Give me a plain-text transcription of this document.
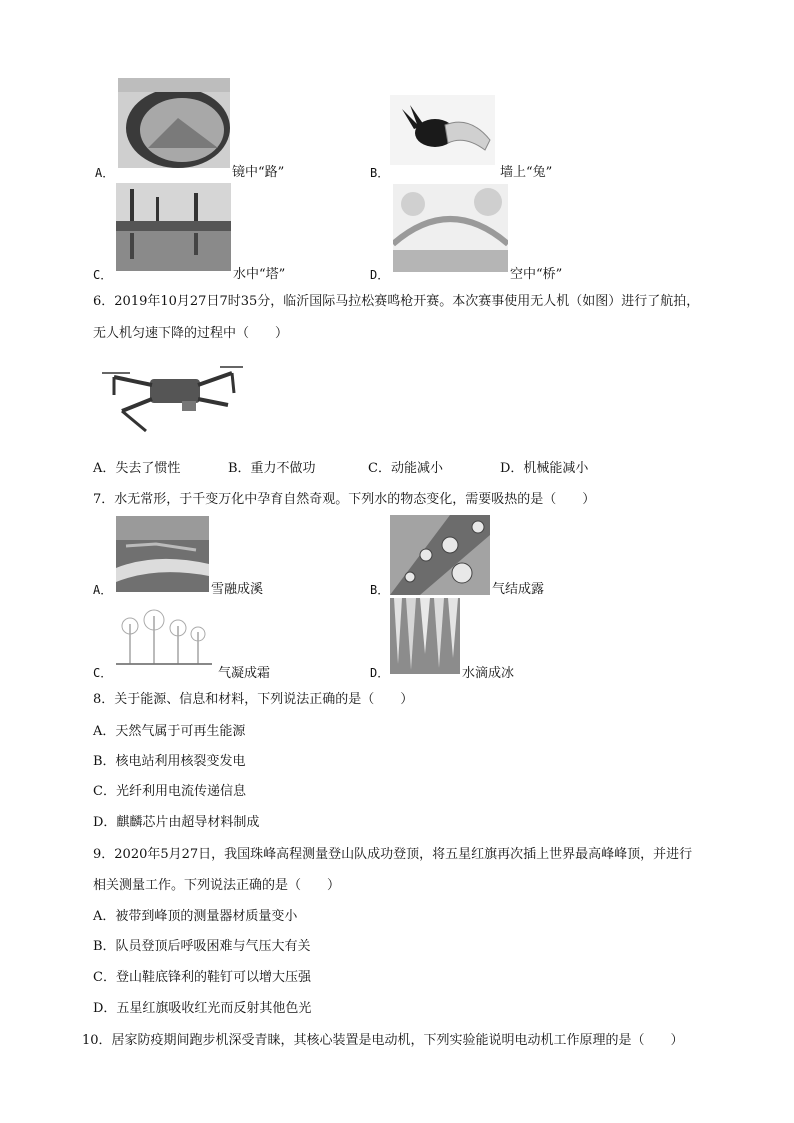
A．	镜中“路”	B．	墙上“兔”
C．	水中“塔”	D．	空中“桥”
6．2019年10月27日7时35分，临沂国际马拉松赛鸣枪开赛。本次赛事使用无人机（如图）进行了航拍，
无人机匀速下降的过程中（　　）
A．失去了惯性	B．重力不做功	C．动能减小	D．机械能减小
7．水无常形，于千变万化中孕育自然奇观。下列水的物态变化，需要吸热的是（　　）
A．	雪融成溪	B．	气结成露
C．	气凝成霜	D．	水滴成冰
8．关于能源、信息和材料，下列说法正确的是（　　）
A．天然气属于可再生能源
B．核电站利用核裂变发电
C．光纤利用电流传递信息
D．麒麟芯片由超导材料制成
9．2020年5月27日，我国珠峰高程测量登山队成功登顶，将五星红旗再次插上世界最高峰峰顶，并进行
相关测量工作。下列说法正确的是（　　）
A．被带到峰顶的测量器材质量变小
B．队员登顶后呼吸困难与气压大有关
C．登山鞋底锋利的鞋钉可以增大压强
D．五星红旗吸收红光而反射其他色光
10．居家防疫期间跑步机深受青睐，其核心装置是电动机，下列实验能说明电动机工作原理的是（　　）
